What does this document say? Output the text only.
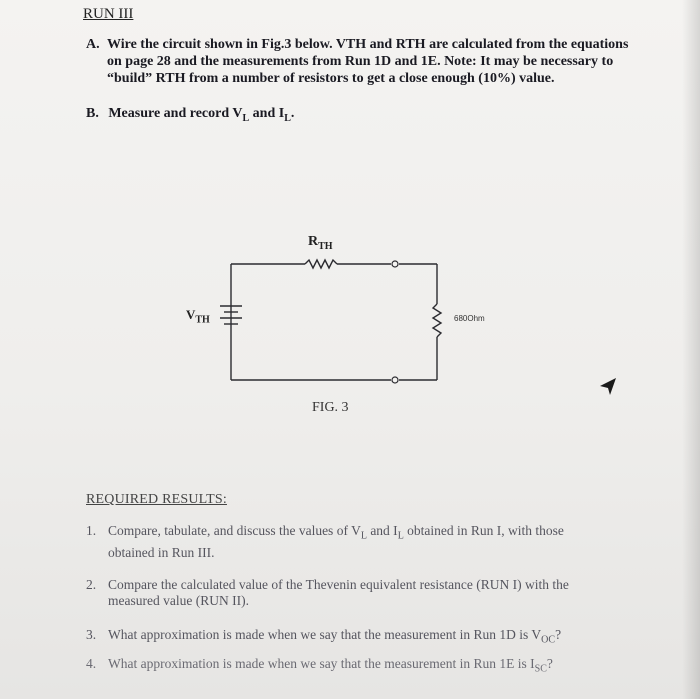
RUN III
A. Wire the circuit shown in Fig.3 below. VTH and RTH are calculated from the equations on page 28 and the measurements from Run 1D and 1E. Note: It may be necessary to “build” RTH from a number of resistors to get a close enough (10%) value.
B. Measure and record $V_L$ and $I_L$.
$R_{TH}$
$V_{TH}$	680Ohm
FIG. 3
REQUIRED RESULTS:
1. Compare, tabulate, and discuss the values of $V_L$ and $I_L$ obtained in Run I, with those
obtained in Run III.
2. Compare the calculated value of the Thevenin equivalent resistance (RUN I) with the
measured value (RUN II).
3. What approximation is made when we say that the measurement in Run 1D is $V_{OC}$?
4. What approximation is made when we say that the measurement in Run 1E is $I_{SC}$?
